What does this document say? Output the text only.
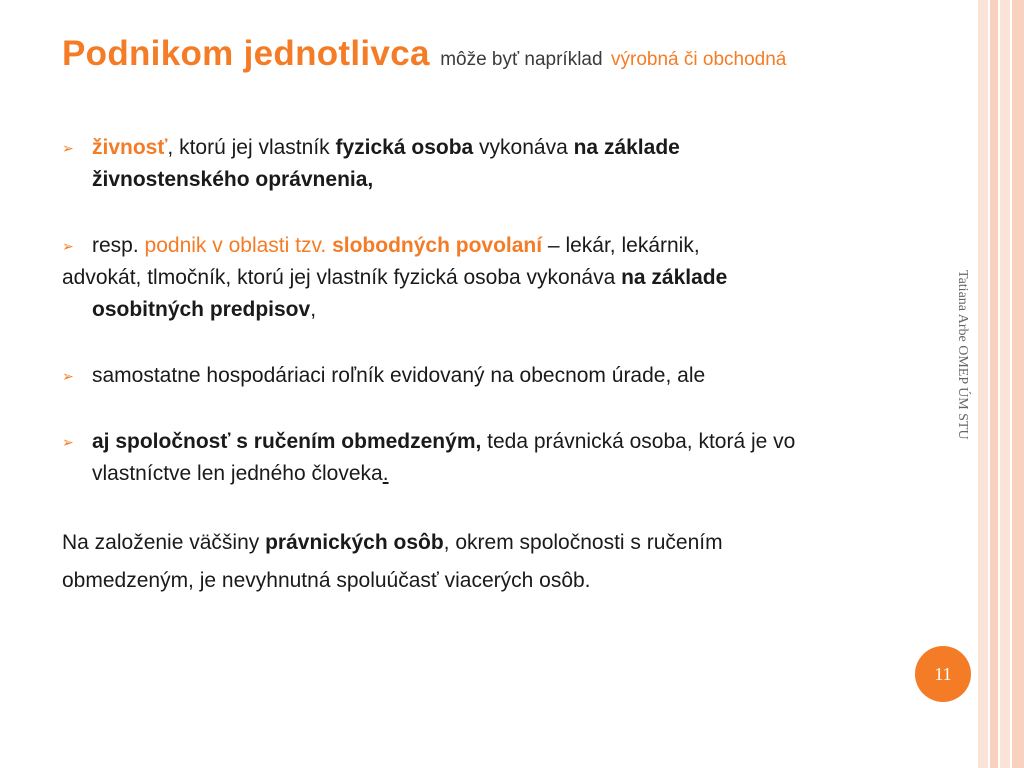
Podnikom jednotlivca môže byť napríklad výrobná či obchodná
➢ živnosť, ktorú jej vlastník fyzická osoba vykonáva na základe
živnostenského oprávnenia,
➢ resp. podnik v oblasti tzv. slobodných povolaní – lekár, lekárnik,
advokát, tlmočník, ktorú jej vlastník fyzická osoba vykonáva na základe
osobitných predpisov,
➢ samostatne hospodáriaci roľník evidovaný na obecnom úrade, ale
➢ aj spoločnosť s ručením obmedzeným, teda právnická osoba, ktorá je vo
vlastníctve len jedného človeka.
Na založenie väčšiny právnických osôb, okrem spoločnosti s ručením
obmedzeným, je nevyhnutná spoluúčasť viacerých osôb.
Tatiana Arbe OMEP ÚM STU
11
